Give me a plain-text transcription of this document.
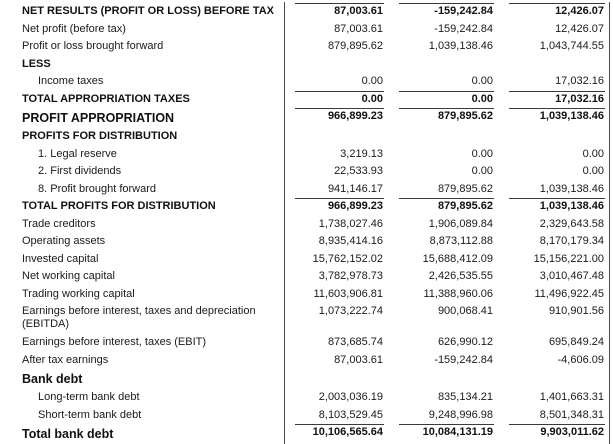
NET RESULTS (PROFIT OR LOSS) BEFORE TAX	87,003.61	-159,242.84	12,426.07
Net profit (before tax)	87,003.61	-159,242.84	12,426.07
Profit or loss brought forward	879,895.62	1,039,138.46	1,043,744.55
LESS
Income taxes	0.00	0.00	17,032.16
TOTAL APPROPRIATION TAXES	0.00	0.00	17,032.16
PROFIT APPROPRIATION	966,899.23	879,895.62	1,039,138.46
PROFITS FOR DISTRIBUTION
1. Legal reserve	3,219.13	0.00	0.00
2. First dividends	22,533.93	0.00	0.00
8. Profit brought forward	941,146.17	879,895.62	1,039,138.46
TOTAL PROFITS FOR DISTRIBUTION	966,899.23	879,895.62	1,039,138.46
Trade creditors	1,738,027.46	1,906,089.84	2,329,643.58
Operating assets	8,935,414.16	8,873,112.88	8,170,179.34
Invested capital	15,762,152.02	15,688,412.09	15,156,221.00
Net working capital	3,782,978.73	2,426,535.55	3,010,467.48
Trading working capital	11,603,906.81	11,388,960.06	11,496,922.45
Earnings before interest, taxes and depreciation (EBITDA)
1,073,222.74	900,068.41	910,901.56
Earnings before interest, taxes (EBIT)	873,685.74	626,990.12	695,849.24
After tax earnings	87,003.61	-159,242.84	-4,606.09
Bank debt
Long-term bank debt	2,003,036.19	835,134.21	1,401,663.31
Short-term bank debt	8,103,529.45	9,248,996.98	8,501,348.31
Total bank debt	10,106,565.64	10,084,131.19	9,903,011.62
